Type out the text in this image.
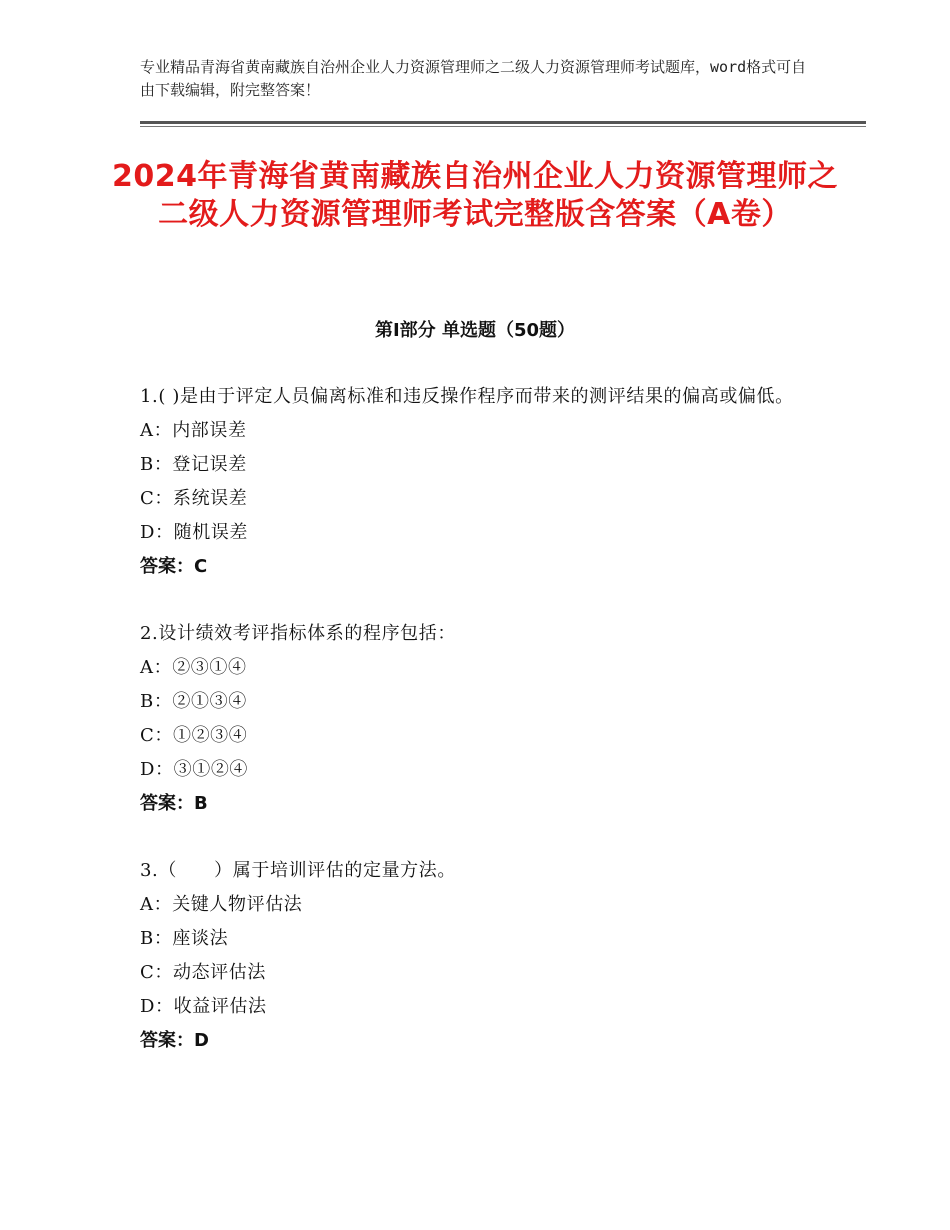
专业精品青海省黄南藏族自治州企业人力资源管理师之二级人力资源管理师考试题库，word格式可自由下载编辑，附完整答案！
2024年青海省黄南藏族自治州企业人力资源管理师之二级人力资源管理师考试完整版含答案（A卷）
第Ⅰ部分 单选题（50题）
1.( )是由于评定人员偏离标准和违反操作程序而带来的测评结果的偏高或偏低。
A：内部误差
B：登记误差
C：系统误差
D：随机误差
答案：C
2.设计绩效考评指标体系的程序包括：
A：②③①④
B：②①③④
C：①②③④
D：③①②④
答案：B
3.（　　）属于培训评估的定量方法。
A：关键人物评估法
B：座谈法
C：动态评估法
D：收益评估法
答案：D
